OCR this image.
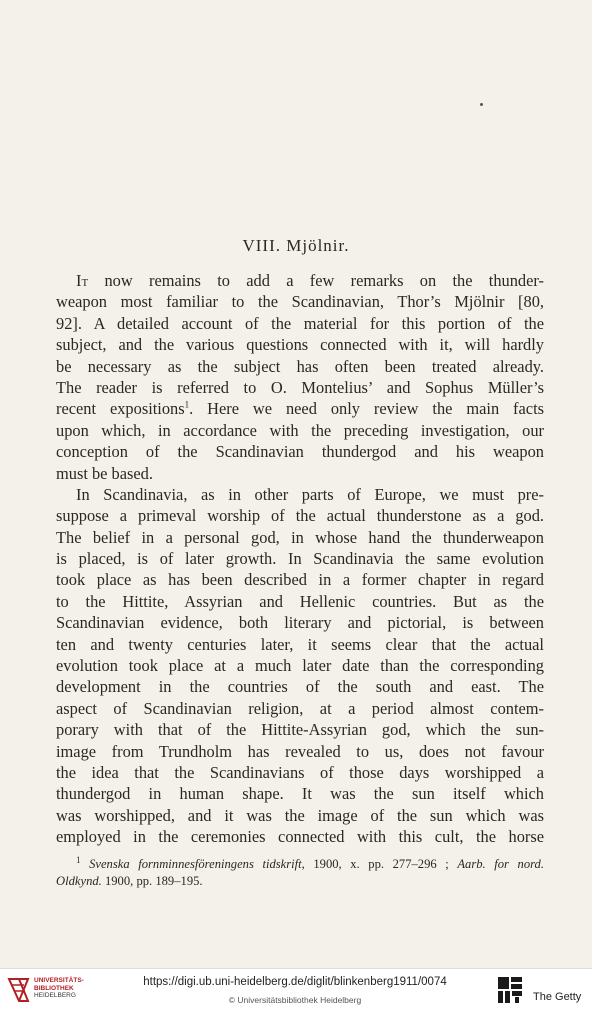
VIII. Mjölnir.
It now remains to add a few remarks on the thunder-
weapon most familiar to the Scandinavian, Thor’s Mjölnir [80,
92]. A detailed account of the material for this portion of the
subject, and the various questions connected with it, will hardly
be necessary as the subject has often been treated already.
The reader is referred to O. Montelius’ and Sophus Müller’s
recent expositions$^1$. Here we need only review the main facts
upon which, in accordance with the preceding investigation, our
conception of the Scandinavian thundergod and his weapon
must be based.
In Scandinavia, as in other parts of Europe, we must pre-
suppose a primeval worship of the actual thunderstone as a god.
The belief in a personal god, in whose hand the thunderweapon
is placed, is of later growth. In Scandinavia the same evolution
took place as has been described in a former chapter in regard
to the Hittite, Assyrian and Hellenic countries. But as the
Scandinavian evidence, both literary and pictorial, is between
ten and twenty centuries later, it seems clear that the actual
evolution took place at a much later date than the corresponding
development in the countries of the south and east. The
aspect of Scandinavian religion, at a period almost contem-
porary with that of the Hittite-Assyrian god, which the sun-
image from Trundholm has revealed to us, does not favour
the idea that the Scandinavians of those days worshipped a
thundergod in human shape. It was the sun itself which
was worshipped, and it was the image of the sun which was
employed in the ceremonies connected with this cult, the horse
$^1$ Svenska fornminnesföreningens tidskrift, 1900, x. pp. 277–296 ; Aarb. for nord.
Oldkynd. 1900, pp. 189–195.
UNIVERSITÄTS-
BIBLIOTHEK
HEIDELBERG
https://digi.ub.uni-heidelberg.de/diglit/blinkenberg1911/0074
© Universitätsbibliothek Heidelberg	The Getty
